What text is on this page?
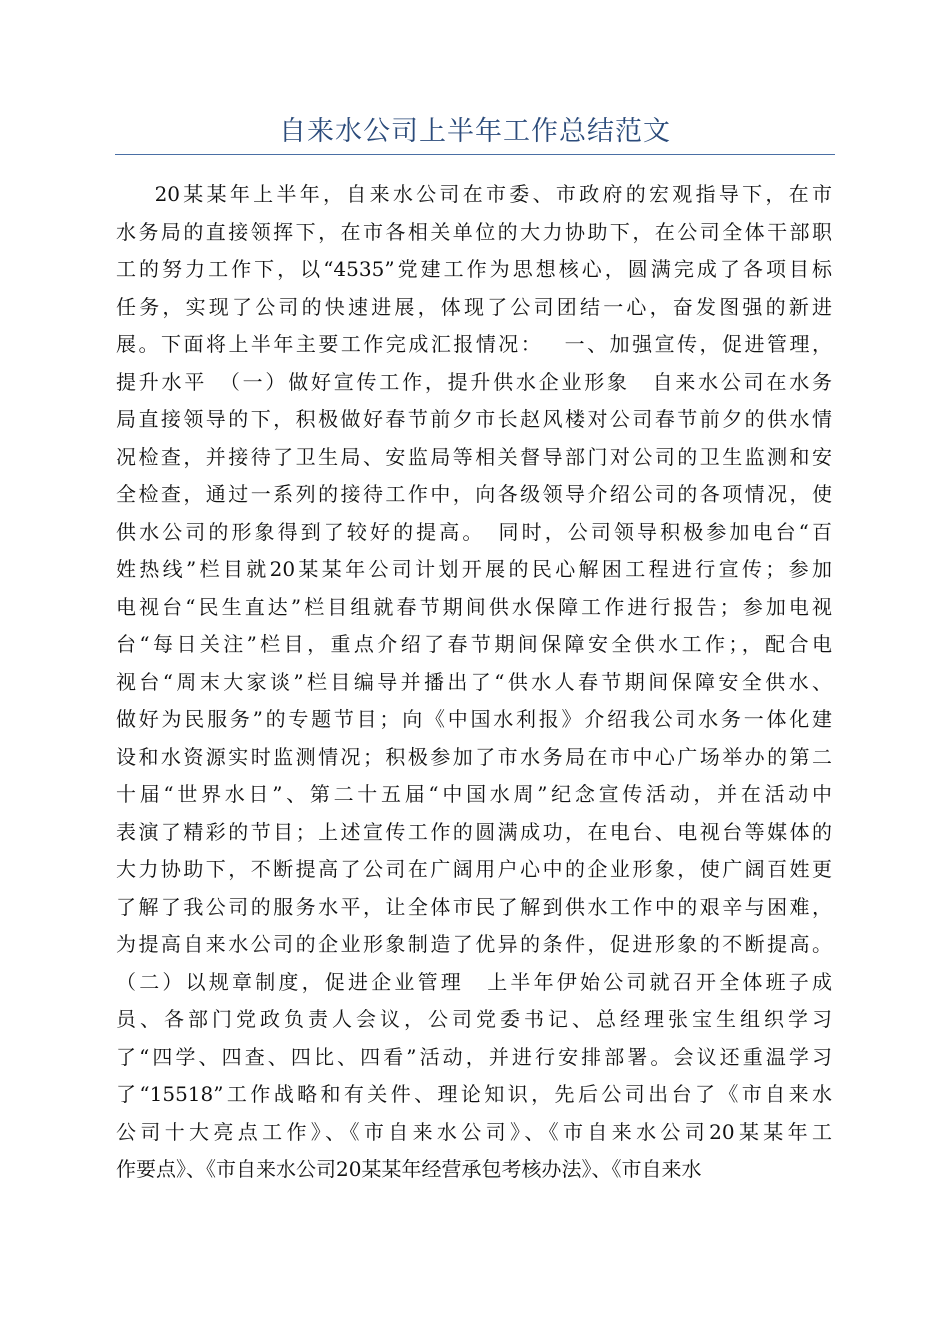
自来水公司上半年工作总结范文
20某某年上半年，自来水公司在市委、市政府的宏观指导下，在市
水务局的直接领挥下，在市各相关单位的大力协助下，在公司全体干部职
工的努力工作下，以“4535”党建工作为思想核心，圆满完成了各项目标
任务，实现了公司的快速进展，体现了公司团结一心，奋发图强的新进
展。下面将上半年主要工作完成汇报情况：　 一、加强宣传，促进管理，
提升水平　（一）做好宣传工作，提升供水企业形象　自来水公司在水务
局直接领导的下，积极做好春节前夕市长赵风楼对公司春节前夕的供水情
况检查，并接待了卫生局、安监局等相关督导部门对公司的卫生监测和安
全检查，通过一系列的接待工作中，向各级领导介绍公司的各项情况，使
供水公司的形象得到了较好的提高。　同时，公司领导积极参加电台“百
姓热线”栏目就20某某年公司计划开展的民心解困工程进行宣传；参加
电视台“民生直达”栏目组就春节期间供水保障工作进行报告；参加电视
台“每日关注”栏目，重点介绍了春节期间保障安全供水工作；，配合电
视台“周末大家谈”栏目编导并播出了“供水人春节期间保障安全供水、
做好为民服务”的专题节目；向《中国水利报》介绍我公司水务一体化建
设和水资源实时监测情况；积极参加了市水务局在市中心广场举办的第二
十届“世界水日”、第二十五届“中国水周”纪念宣传活动，并在活动中
表演了精彩的节目；上述宣传工作的圆满成功，在电台、电视台等媒体的
大力协助下，不断提高了公司在广阔用户心中的企业形象，使广阔百姓更
了解了我公司的服务水平，让全体市民了解到供水工作中的艰辛与困难，
为提高自来水公司的企业形象制造了优异的条件，促进形象的不断提高。
（二）以规章制度，促进企业管理　上半年伊始公司就召开全体班子成
员、各部门党政负责人会议，公司党委书记、总经理张宝生组织学习
了“四学、四查、四比、四看”活动，并进行安排部署。会议还重温学习
了“15518”工作战略和有关件、理论知识，先后公司出台了《市自来水
公司十大亮点工作》、《市自来水公司》、《市自来水公司20某某年工
作要点》、《市自来水公司20某某年经营承包考核办法》、《市自来水
